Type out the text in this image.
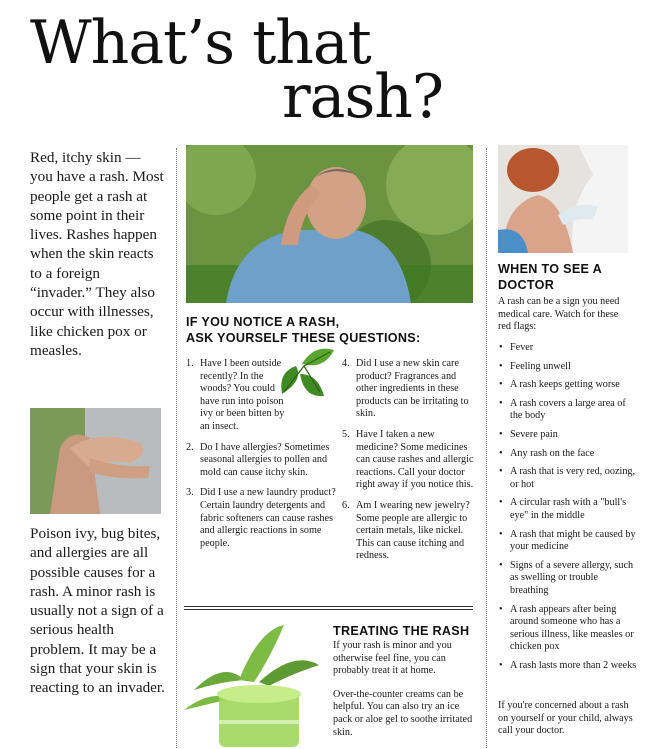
What’s that
rash?

Red, itchy skin — you have a rash. Most people get a rash at some point in their lives. Rashes happen when the skin reacts to a foreign “invader.” They also occur with illnesses, like chicken pox or measles.

Poison ivy, bug bites, and allergies are all possible causes for a rash. A minor rash is usually not a sign of a serious health problem. It may be a sign that your skin is reacting to an invader.

IF YOU NOTICE A RASH,
ASK YOURSELF THESE QUESTIONS:
1. Have I been outside recently? In the woods? You could have run into poison ivy or been bitten by an insect.
2. Do I have allergies? Sometimes seasonal allergies to pollen and mold can cause itchy skin.
3. Did I use a new laundry product? Certain laundry detergents and fabric softeners can cause rashes and allergic reactions in some people.
4. Did I use a new skin care product? Fragrances and other ingredients in these products can be irritating to skin.
5. Have I taken a new medicine? Some medicines can cause rashes and allergic reactions. Call your doctor right away if you notice this.
6. Am I wearing new jewelry? Some people are allergic to certain metals, like nickel. This can cause itching and redness.
TREATING THE RASH

If your rash is minor and you otherwise feel fine, you can probably treat it at home.

Over-the-counter creams can be helpful. You can also try an ice pack or aloe gel to soothe irritated skin.

WHEN TO SEE A
DOCTOR

A rash can be a sign you need medical care. Watch for these red flags:

• Fever
• Feeling unwell
• A rash keeps getting worse
• A rash covers a large area of the body
• Severe pain
• Any rash on the face
• A rash that is very red, oozing, or hot
• A circular rash with a "bull's eye" in the middle
• A rash that might be caused by your medicine
• Signs of a severe allergy, such as swelling or trouble breathing
• A rash appears after being around someone who has a serious illness, like measles or chicken pox
• A rash lasts more than 2 weeks

If you're concerned about a rash on yourself or your child, always call your doctor.
